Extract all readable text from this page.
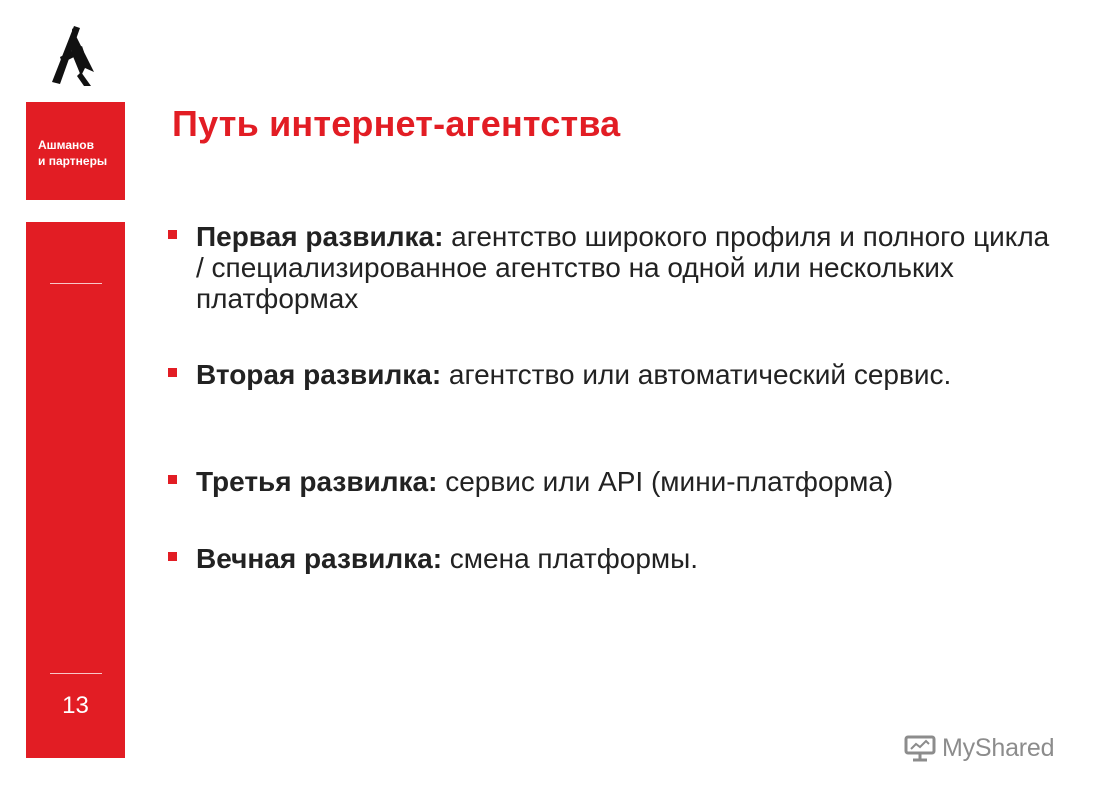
Ашманов
и партнеры
13
Путь интернет-агентства
Первая развилка: агентство широкого профиля и полного цикла / специализированное агентство на одной или нескольких платформах
Вторая развилка: агентство или автоматический сервис.
Третья развилка: сервис или API (мини-платформа)
Вечная развилка: смена платформы.
MyShared
